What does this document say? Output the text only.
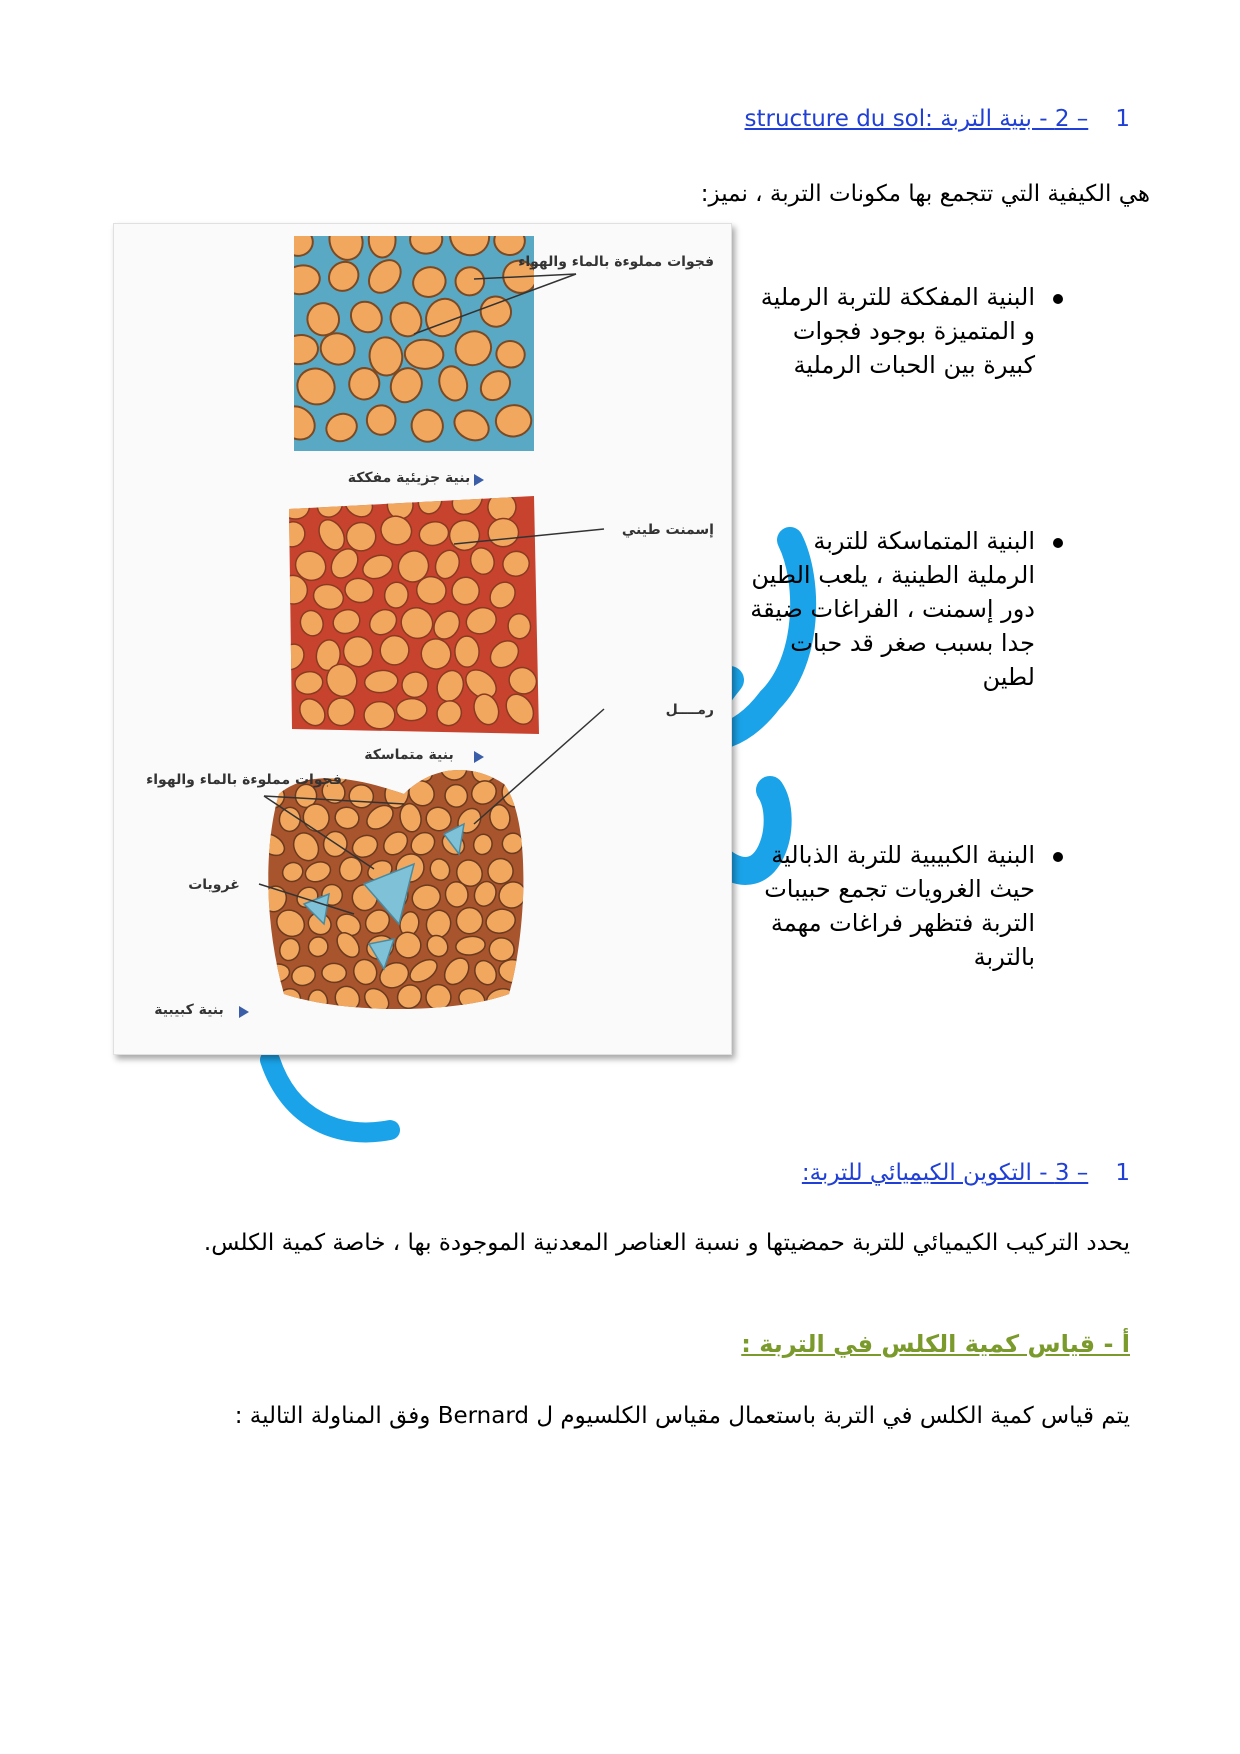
– 2 - بنية التربة :structure du sol 1
هي الكيفية التي تتجمع بها مكونات التربة ، نميز:
فجوات مملوءة بالماء والهواء
بنية جزيئية مفككة
إسمنت طيني
بنية متماسكة
رمــــل
فجوات مملوءة بالماء والهواء
غرويات
بنية كبيبية
البنية المفككة للتربة الرملية و المتميزة بوجود فجوات كبيرة بين الحبات الرملية
البنية المتماسكة للتربة الرملية الطينية ، يلعب الطين دور إسمنت ، الفراغات ضيقة جدا بسبب صغر قد حبات لطين
البنية الكبيبية للتربة الذبالية حيث الغرويات تجمع حبيبات التربة فتظهر فراغات مهمة بالتربة
– 3 - التكوين الكيميائي للتربة: 1
يحدد التركيب الكيميائي للتربة حمضيتها و نسبة العناصر المعدنية الموجودة بها ، خاصة كمية الكلس.
أ - قياس كمية الكلس في التربة :
يتم قياس كمية الكلس في التربة باستعمال مقياس الكلسيوم ل Bernard وفق المناولة التالية :
